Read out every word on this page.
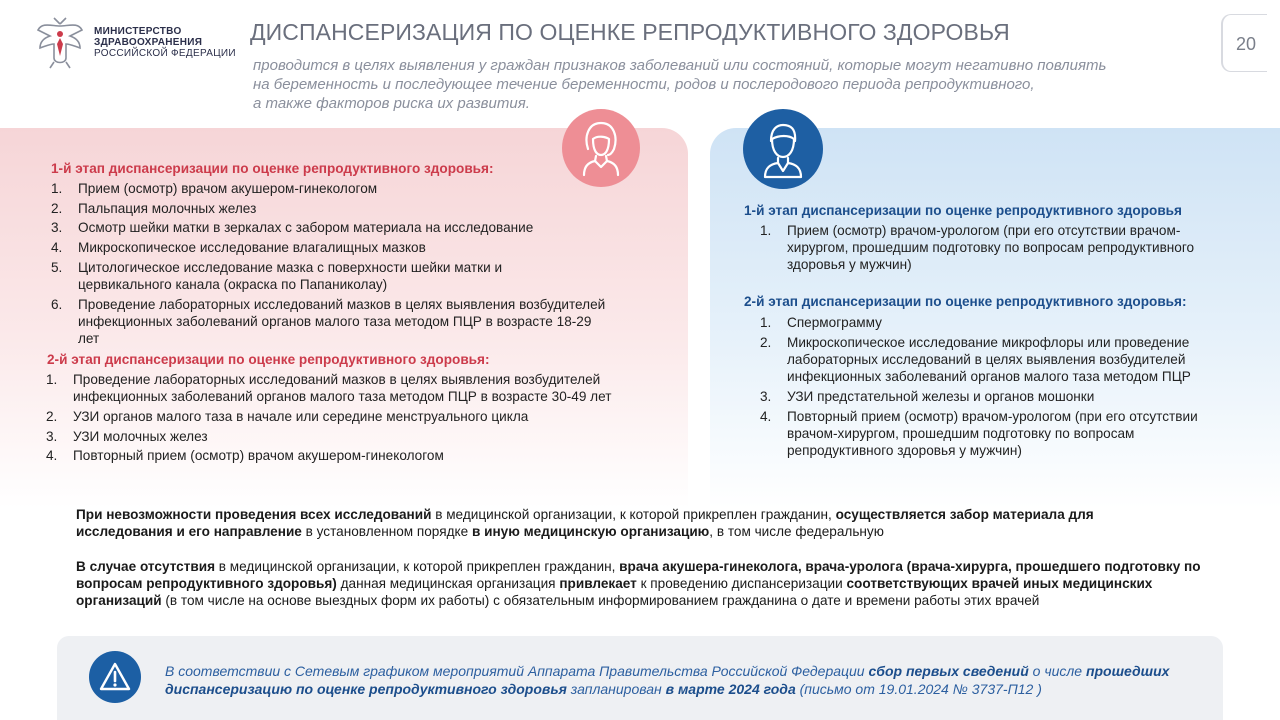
МИНИСТЕРСТВО
ЗДРАВООХРАНЕНИЯ
РОССИЙСКОЙ ФЕДЕРАЦИИ
ДИСПАНСЕРИЗАЦИЯ ПО ОЦЕНКЕ РЕПРОДУКТИВНОГО ЗДОРОВЬЯ
проводится в целях выявления у граждан признаков заболеваний или состояний, которые могут негативно повлиять
на беременность и последующее течение беременности, родов и послеродового периода репродуктивного,
а также факторов риска их развития.
20
1-й этап диспансеризации по оценке репродуктивного здоровья:
1. Прием (осмотр) врачом акушером-гинекологом
2. Пальпация молочных желез
3. Осмотр шейки матки в зеркалах с забором материала на исследование
4. Микроскопическое исследование влагалищных мазков
5. Цитологическое исследование мазка с поверхности шейки матки и цервикального канала (окраска по Папаниколау)
6. Проведение лабораторных исследований мазков в целях выявления возбудителей инфекционных заболеваний органов малого таза методом ПЦР в возрасте 18-29 лет
2-й этап диспансеризации по оценке репродуктивного здоровья:
1. Проведение лабораторных исследований мазков в целях выявления возбудителей инфекционных заболеваний органов малого таза методом ПЦР в возрасте 30-49 лет
2. УЗИ органов малого таза в начале или середине менструального цикла
3. УЗИ молочных желез
4. Повторный прием (осмотр) врачом акушером-гинекологом
1-й этап диспансеризации по оценке репродуктивного здоровья
1. Прием (осмотр) врачом-урологом (при его отсутствии врачом-хирургом, прошедшим подготовку по вопросам репродуктивного здоровья у мужчин)
2-й этап диспансеризации по оценке репродуктивного здоровья:
1. Спермограмму
2. Микроскопическое исследование микрофлоры или проведение лабораторных исследований в целях выявления возбудителей инфекционных заболеваний органов малого таза методом ПЦР
3. УЗИ предстательной железы и органов мошонки
4. Повторный прием (осмотр) врачом-урологом (при его отсутствии врачом-хирургом, прошедшим подготовку по вопросам репродуктивного здоровья у мужчин)
При невозможности проведения всех исследований в медицинской организации, к которой прикреплен гражданин, осуществляется забор материала для исследования и его направление в установленном порядке в иную медицинскую организацию, в том числе федеральную
В случае отсутствия в медицинской организации, к которой прикреплен гражданин, врача акушера-гинеколога, врача-уролога (врача-хирурга, прошедшего подготовку по вопросам репродуктивного здоровья) данная медицинская организация привлекает к проведению диспансеризации соответствующих врачей иных медицинских организаций (в том числе на основе выездных форм их работы) с обязательным информированием гражданина о дате и времени работы этих врачей
В соответствии с Сетевым графиком мероприятий Аппарата Правительства Российской Федерации сбор первых сведений о числе прошедших диспансеризацию по оценке репродуктивного здоровья запланирован в марте 2024 года (письмо от 19.01.2024 № 3737-П12 )
